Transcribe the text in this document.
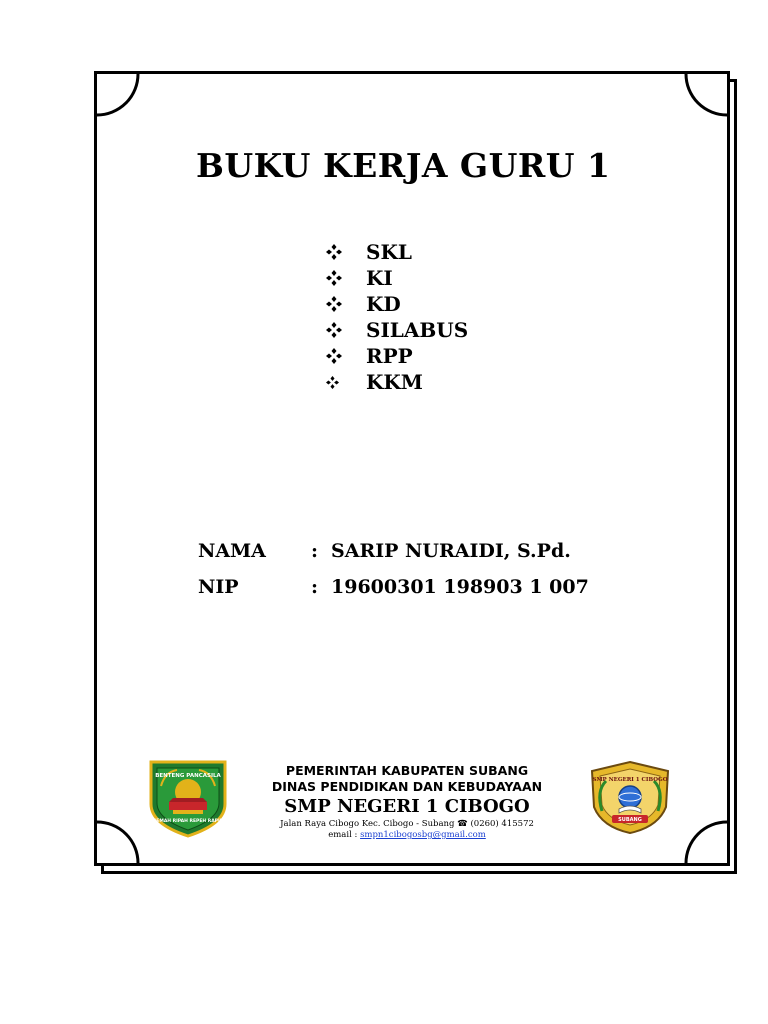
BUKU KERJA GURU 1
SKL
KI
KD
SILABUS
RPP
KKM
NAMA : SARIP NURAIDI, S.Pd.
NIP	: 19600301 198903 1 007
BENTENG PANCASILA
GEMAH RIPAH REPEH RAPIH
PEMERINTAH KABUPATEN SUBANG
DINAS PENDIDIKAN DAN KEBUDAYAAN
SMP NEGERI 1 CIBOGO
Jalan Raya Cibogo Kec. Cibogo - Subang ☎ (0260) 415572
email : smpn1cibogosbg@gmail.com
SMP NEGERI 1 CIBOGO
SUBANG
